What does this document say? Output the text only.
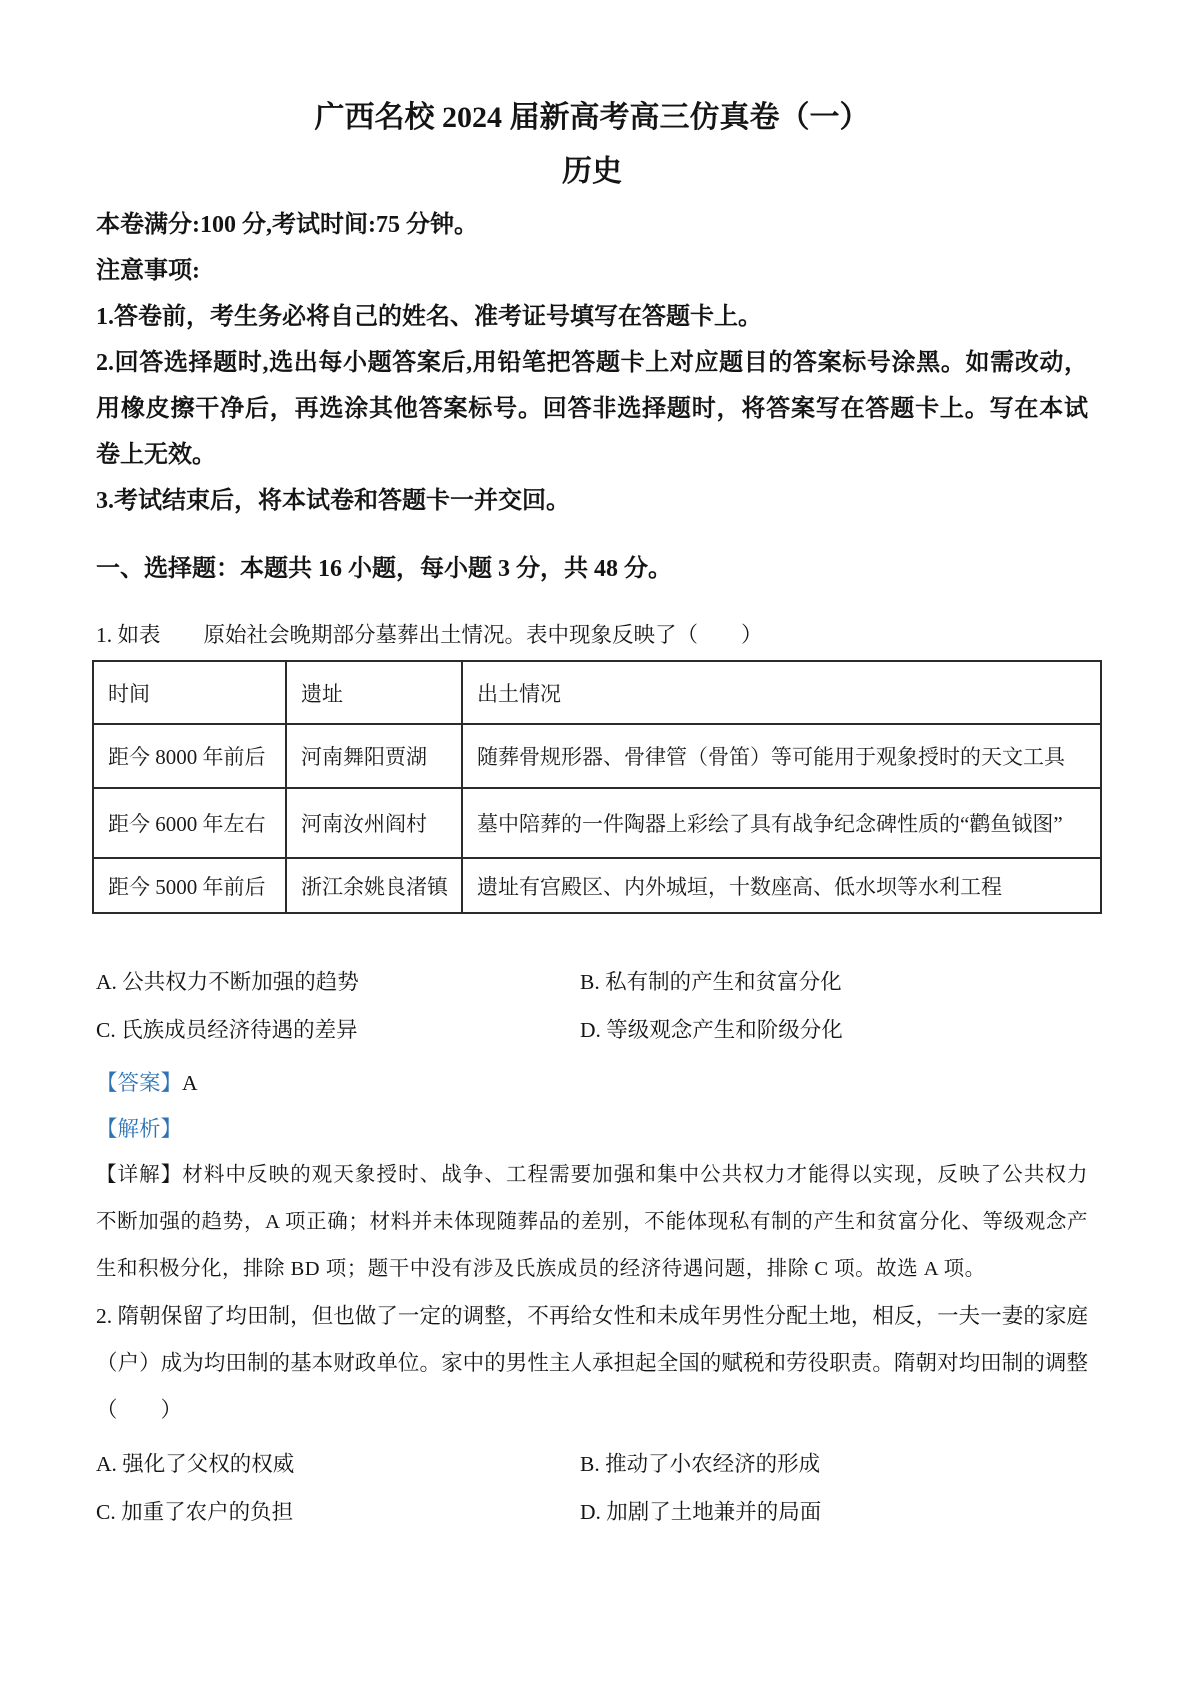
广西名校 2024 届新高考高三仿真卷（一）
历史

本卷满分:100 分,考试时间:75 分钟。

注意事项:

1.答卷前，考生务必将自己的姓名、准考证号填写在答题卡上。

2.回答选择题时,选出每小题答案后,用铅笔把答题卡上对应题目的答案标号涂黑。如需改动，

用橡皮擦干净后，再选涂其他答案标号。回答非选择题时，将答案写在答题卡上。写在本试

卷上无效。

3.考试结束后，将本试卷和答题卡一并交回。

一、选择题：本题共 16 小题，每小题 3 分，共 48 分。

1. 如表　　原始社会晚期部分墓葬出土情况。表中现象反映了（　　）

时间	遗址	出土情况
距今 8000 年前后	河南舞阳贾湖	随葬骨规形器、骨律管（骨笛）等可能用于观象授时的天文工具
距今 6000 年左右	河南汝州阎村	墓中陪葬的一件陶器上彩绘了具有战争纪念碑性质的“鹳鱼钺图”
距今 5000 年前后	浙江余姚良渚镇	遗址有宫殿区、内外城垣，十数座高、低水坝等水利工程
A. 公共权力不断加强的趋势	B. 私有制的产生和贫富分化
C. 氏族成员经济待遇的差异	D. 等级观念产生和阶级分化

【答案】A

【解析】

【详解】材料中反映的观天象授时、战争、工程需要加强和集中公共权力才能得以实现，反映了公共权力

不断加强的趋势，A 项正确；材料并未体现随葬品的差别，不能体现私有制的产生和贫富分化、等级观念产

生和积极分化，排除 BD 项；题干中没有涉及氏族成员的经济待遇问题，排除 C 项。故选 A 项。

2. 隋朝保留了均田制，但也做了一定的调整，不再给女性和未成年男性分配土地，相反，一夫一妻的家庭

（户）成为均田制的基本财政单位。家中的男性主人承担起全国的赋税和劳役职责。隋朝对均田制的调整

（　　）

A. 强化了父权的权威	B. 推动了小农经济的形成
C. 加重了农户的负担	D. 加剧了土地兼并的局面
